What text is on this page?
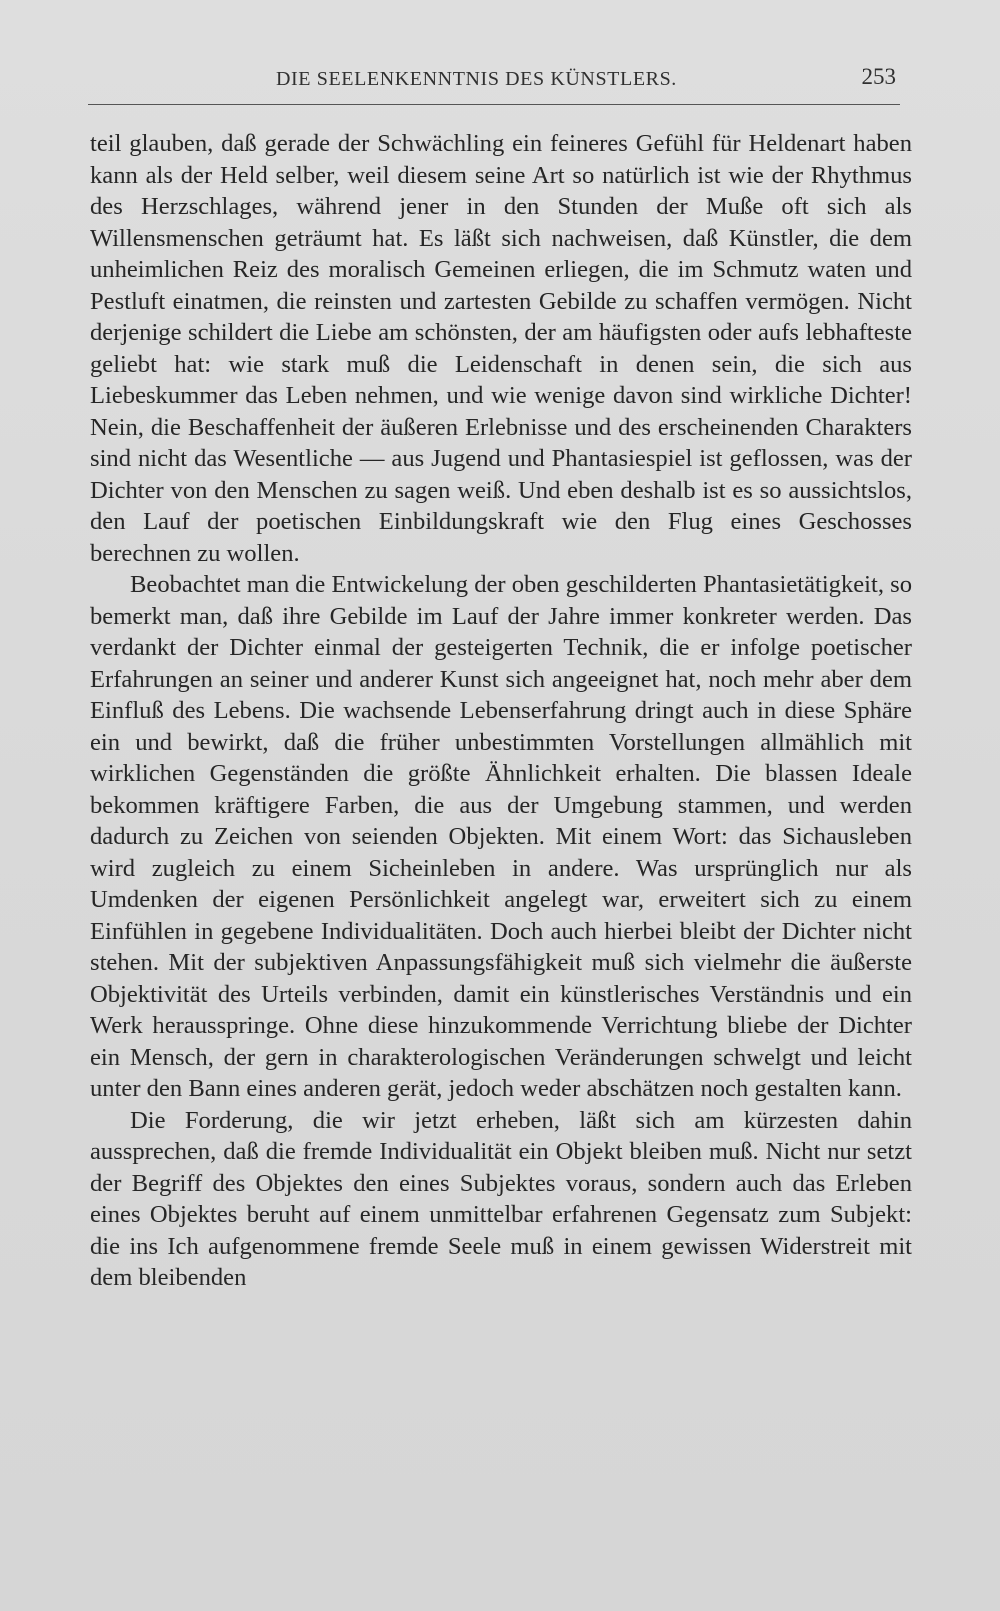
DIE SEELENKENNTNIS DES KÜNSTLERS.	253

teil glauben, daß gerade der Schwächling ein feineres Gefühl für Heldenart haben kann als der Held selber, weil diesem seine Art so natürlich ist wie der Rhythmus des Herzschlages, während jener in den Stunden der Muße oft sich als Willensmenschen geträumt hat. Es läßt sich nachweisen, daß Künstler, die dem unheimlichen Reiz des moralisch Gemeinen erliegen, die im Schmutz waten und Pestluft einatmen, die reinsten und zartesten Gebilde zu schaffen vermögen. Nicht derjenige schildert die Liebe am schönsten, der am häufigsten oder aufs lebhafteste geliebt hat: wie stark muß die Leidenschaft in denen sein, die sich aus Liebeskummer das Leben nehmen, und wie wenige davon sind wirkliche Dichter! Nein, die Beschaffenheit der äußeren Erlebnisse und des erscheinenden Charakters sind nicht das Wesentliche — aus Jugend und Phantasiespiel ist geflossen, was der Dichter von den Menschen zu sagen weiß. Und eben deshalb ist es so aussichtslos, den Lauf der poetischen Einbildungskraft wie den Flug eines Geschosses berechnen zu wollen.

Beobachtet man die Entwickelung der oben geschilderten Phantasietätigkeit, so bemerkt man, daß ihre Gebilde im Lauf der Jahre immer konkreter werden. Das verdankt der Dichter einmal der gesteigerten Technik, die er infolge poetischer Erfahrungen an seiner und anderer Kunst sich angeeignet hat, noch mehr aber dem Einfluß des Lebens. Die wachsende Lebenserfahrung dringt auch in diese Sphäre ein und bewirkt, daß die früher unbestimmten Vorstellungen allmählich mit wirklichen Gegenständen die größte Ähnlichkeit erhalten. Die blassen Ideale bekommen kräftigere Farben, die aus der Umgebung stammen, und werden dadurch zu Zeichen von seienden Objekten. Mit einem Wort: das Sichausleben wird zugleich zu einem Sicheinleben in andere. Was ursprünglich nur als Umdenken der eigenen Persönlichkeit angelegt war, erweitert sich zu einem Einfühlen in gegebene Individualitäten. Doch auch hierbei bleibt der Dichter nicht stehen. Mit der subjektiven Anpassungsfähigkeit muß sich vielmehr die äußerste Objektivität des Urteils verbinden, damit ein künstlerisches Verständnis und ein Werk herausspringe. Ohne diese hinzukommende Verrichtung bliebe der Dichter ein Mensch, der gern in charakterologischen Veränderungen schwelgt und leicht unter den Bann eines anderen gerät, jedoch weder abschätzen noch gestalten kann.

Die Forderung, die wir jetzt erheben, läßt sich am kürzesten dahin aussprechen, daß die fremde Individualität ein Objekt bleiben muß. Nicht nur setzt der Begriff des Objektes den eines Subjektes voraus, sondern auch das Erleben eines Objektes beruht auf einem unmittelbar erfahrenen Gegensatz zum Subjekt: die ins Ich aufgenommene fremde Seele muß in einem gewissen Widerstreit mit dem bleibenden
